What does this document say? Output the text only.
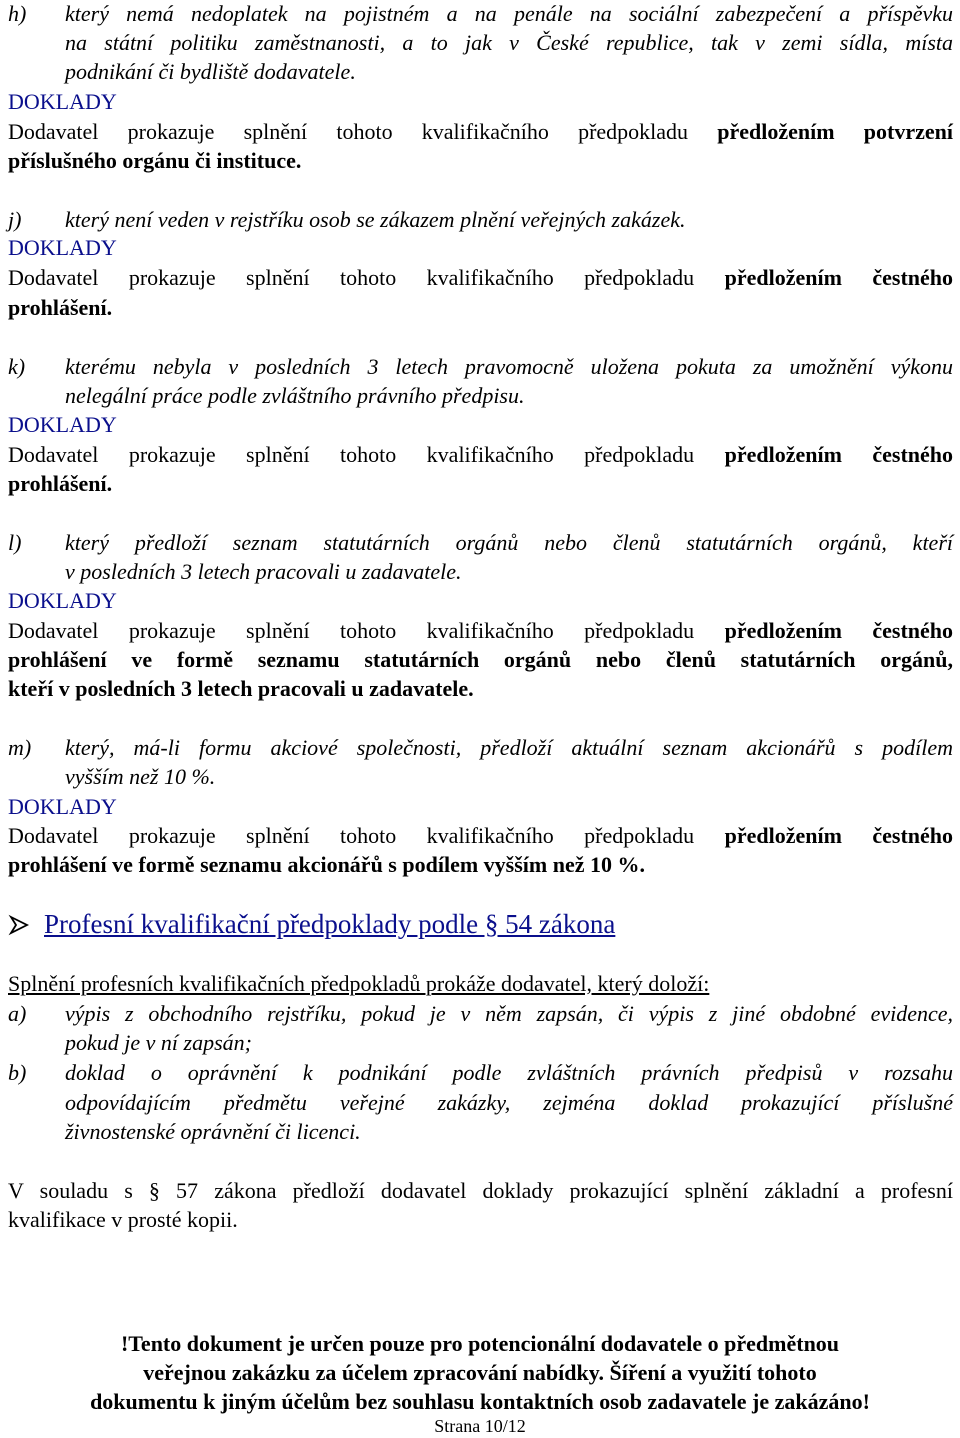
h) který nemá nedoplatek na pojistném a na penále na sociální zabezpečení a příspěvku
na státní politiku zaměstnanosti, a to jak v České republice, tak v zemi sídla, místa
podnikání či bydliště dodavatele.
DOKLADY
Dodavatel prokazuje splnění tohoto kvalifikačního předpokladu předložením potvrzení
příslušného orgánu či instituce.
j) který není veden v rejstříku osob se zákazem plnění veřejných zakázek.
DOKLADY
Dodavatel prokazuje splnění tohoto kvalifikačního předpokladu předložením čestného
prohlášení.
k) kterému nebyla v posledních 3 letech pravomocně uložena pokuta za umožnění výkonu
nelegální práce podle zvláštního právního předpisu.
DOKLADY
Dodavatel prokazuje splnění tohoto kvalifikačního předpokladu předložením čestného
prohlášení.
l) který předloží seznam statutárních orgánů nebo členů statutárních orgánů, kteří
v posledních 3 letech pracovali u zadavatele.
DOKLADY
Dodavatel prokazuje splnění tohoto kvalifikačního předpokladu předložením čestného
prohlášení ve formě seznamu statutárních orgánů nebo členů statutárních orgánů,
kteří v posledních 3 letech pracovali u zadavatele.
m) který, má-li formu akciové společnosti, předloží aktuální seznam akcionářů s podílem
vyšším než 10 %.
DOKLADY
Dodavatel prokazuje splnění tohoto kvalifikačního předpokladu předložením čestného
prohlášení ve formě seznamu akcionářů s podílem vyšším než 10 %.
Profesní kvalifikační předpoklady podle § 54 zákona
Splnění profesních kvalifikačních předpokladů prokáže dodavatel, který doloží:
a) výpis z obchodního rejstříku, pokud je v něm zapsán, či výpis z jiné obdobné evidence,
pokud je v ní zapsán;
b) doklad o oprávnění k podnikání podle zvláštních právních předpisů v rozsahu
odpovídajícím předmětu veřejné zakázky, zejména doklad prokazující příslušné
živnostenské oprávnění či licenci.
V souladu s § 57 zákona předloží dodavatel doklady prokazující splnění základní a profesní
kvalifikace v prosté kopii.
!Tento dokument je určen pouze pro potencionální dodavatele o předmětnou
veřejnou zakázku za účelem zpracování nabídky. Šíření a využití tohoto
dokumentu k jiným účelům bez souhlasu kontaktních osob zadavatele je zakázáno!
Strana 10/12
